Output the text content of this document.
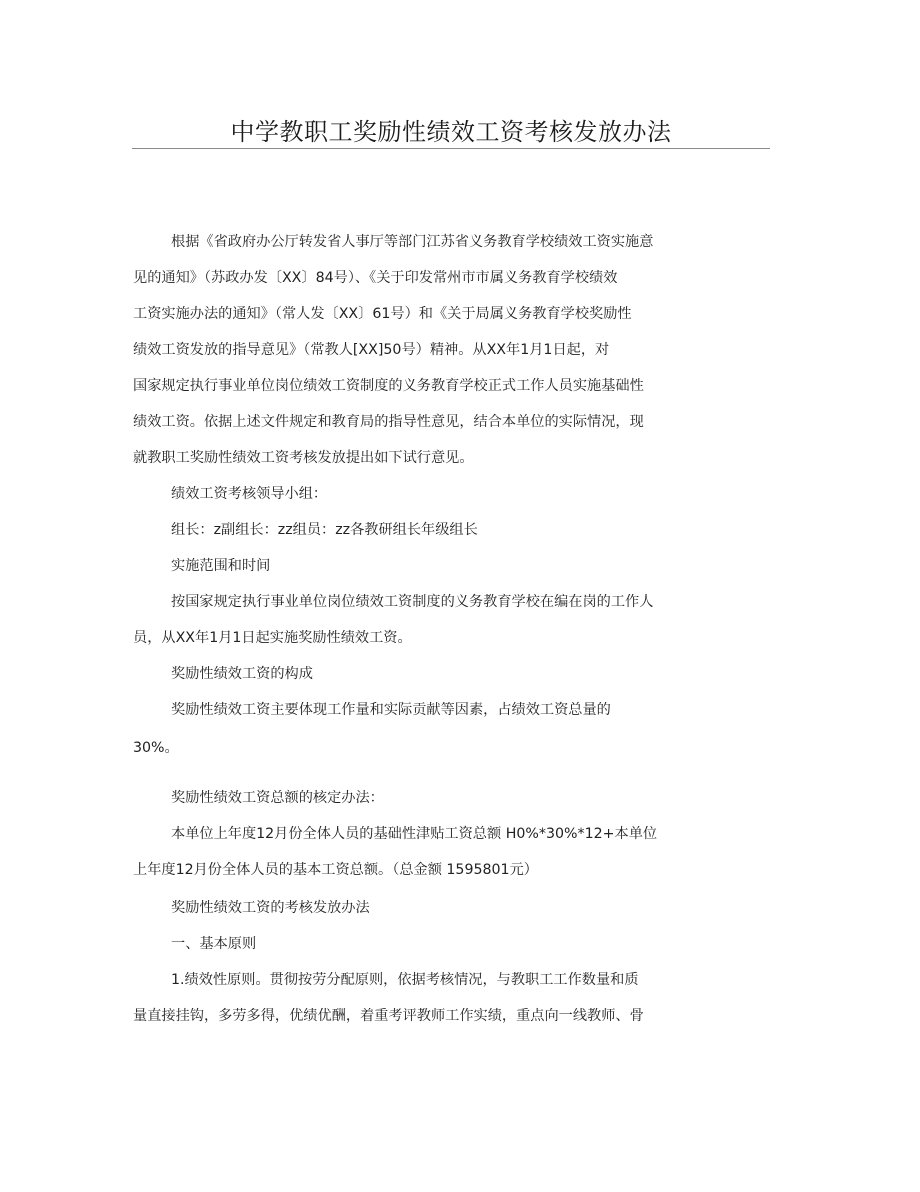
中学教职工奖励性绩效工资考核发放办法
根据《省政府办公厅转发省人事厅等部门江苏省义务教育学校绩效工资实施意
见的通知》（苏政办发〔XX〕84号）、《关于印发常州市市属义务教育学校绩效
工资实施办法的通知》（常人发〔XX〕61号）和《关于局属义务教育学校奖励性
绩效工资发放的指导意见》（常教人[XX]50号）精神。从XX年1月1日起，对
国家规定执行事业单位岗位绩效工资制度的义务教育学校正式工作人员实施基础性
绩效工资。依据上述文件规定和教育局的指导性意见，结合本单位的实际情况，现
就教职工奖励性绩效工资考核发放提出如下试行意见。
绩效工资考核领导小组：
组长：z副组长：zz组员：zz各教研组长年级组长
实施范围和时间
按国家规定执行事业单位岗位绩效工资制度的义务教育学校在编在岗的工作人
员，从XX年1月1日起实施奖励性绩效工资。
奖励性绩效工资的构成
奖励性绩效工资主要体现工作量和实际贡献等因素，占绩效工资总量的
30%。
奖励性绩效工资总额的核定办法：
本单位上年度12月份全体人员的基础性津贴工资总额 H0%*30%*12+本单位
上年度12月份全体人员的基本工资总额。（总金额 1595801元）
奖励性绩效工资的考核发放办法
一、基本原则
1.绩效性原则。贯彻按劳分配原则，依据考核情况，与教职工工作数量和质
量直接挂钩，多劳多得，优绩优酬，着重考评教师工作实绩，重点向一线教师、骨
